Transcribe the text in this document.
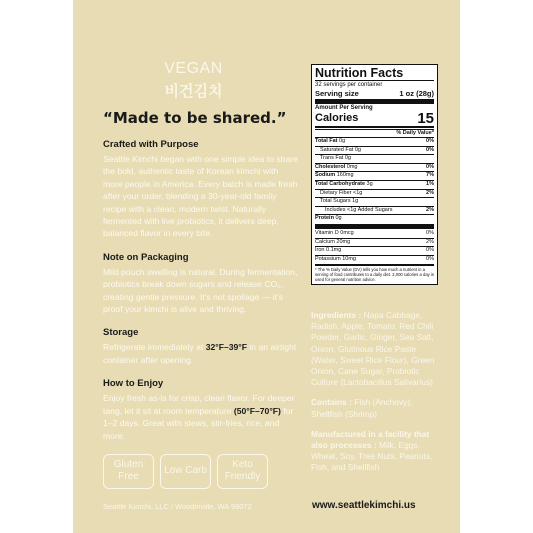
VEGAN
비건김치
“Made to be shared.”
Crafted with Purpose

Seattle Kimchi began with one simple idea to share the bold, authentic taste of Korean kimchi with more people in America. Every batch is made fresh after your order, blending a 30-year-old family recipe with a clean, modern twist. Naturally fermented with live probiotics, it delivers deep, balanced flavor in every bite.

Note on Packaging

Mild pouch swelling is natural. During fermentation, probiotics break down sugars and release CO₂, creating gentle pressure. It's not spoilage — it's proof your kimchi is alive and thriving.

Storage

Refrigerate immediately at 32°F–39°F in an airtight container after opening.

How to Enjoy

Enjoy fresh as-is for crisp, clean flavor. For deeper tang, let it sit at room temperature (50°F–70°F) for 1–2 days. Great with stews, stir-fries, rice, and more.

Gluten Free
Low Carb
Keto Friendly
Seattle Kimchi, LLC / Woodinville, WA 98072	www.seattlekimchi.us
Nutrition Facts
32 servings per container
Serving size	1 oz (28g)
Amount Per Serving
Calories	15
% Daily Value*
Total Fat 0g	0%
Saturated Fat 0g	0%
Trans Fat 0g
Cholesterol 0mg	0%
Sodium 160mg	7%
Total Carbohydrate 3g	1%
Dietary Fiber <1g	2%
Total Sugars 1g
Includes <1g Added Sugars	2%
Protein 0g
Vitamin D 0mcg	0%
Calcium 20mg	2%
Iron 0.1mg	0%
Potassium 10mg	0%
* The % Daily Value (DV) tells you how much a nutrient in a serving of food contributes to a daily diet. 2,000 calories a day is used for general nutrition advice.

Ingredients : Napa Cabbage, Radish, Apple, Tomato, Red Chili Powder, Garlic, Ginger, Sea Salt, Onion, Glutinous Rice Paste (Water, Sweet Rice Flour), Green Onion, Cane Sugar, Probiotic Culture (Lactobacillus Salivarius)

Contains : Fish (Anchovy), Shellfish (Shrimp)

Manufactured in a facility that also processes : Milk, Eggs, Wheat, Soy, Tree Nuts, Peanuts, Fish, and Shellfish
